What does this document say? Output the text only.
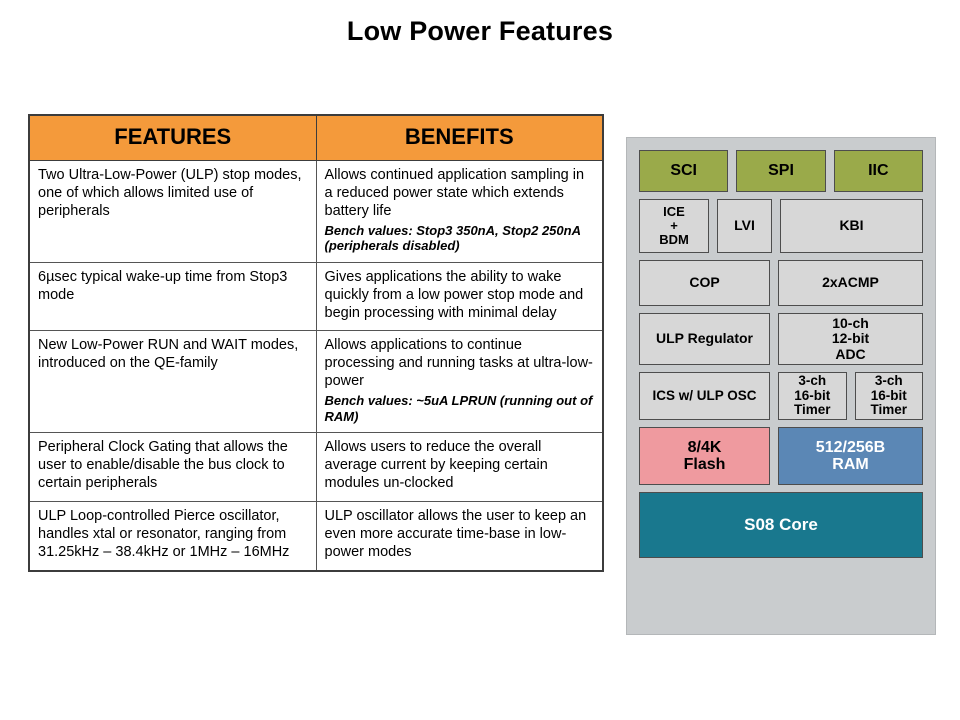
Low Power Features
FEATURES	BENEFITS
Two Ultra-Low-Power (ULP) stop modes, one of which allows limited use of peripherals	Allows continued application sampling in a reduced power state which extends battery life
Bench values: Stop3 350nA, Stop2 250nA (peripherals disabled)

6µsec typical wake-up time from Stop3 mode	Gives applications the ability to wake quickly from a low power stop mode and begin processing with minimal delay
New Low-Power RUN and WAIT modes, introduced on the QE-family	Allows applications to continue processing and running tasks at ultra-low-power
Bench values: ~5uA LPRUN (running out of RAM)

Peripheral Clock Gating that allows the user to enable/disable the bus clock to certain peripherals	Allows users to reduce the overall average current by keeping certain modules un-clocked
ULP Loop-controlled Pierce oscillator, handles xtal or resonator, ranging from 31.25kHz – 38.4kHz or 1MHz – 16MHz	ULP oscillator allows the user to keep an even more accurate time-base in low-power modes
SCI	SPI	IIC
ICE
+
BDM
LVI	KBI
COP	2xACMP
ULP Regulator
10-ch
12-bit
ADC
ICS w/ ULP OSC
3-ch
16-bit
Timer
3-ch
16-bit
Timer
8/4K
Flash
512/256B
RAM
S08 Core
